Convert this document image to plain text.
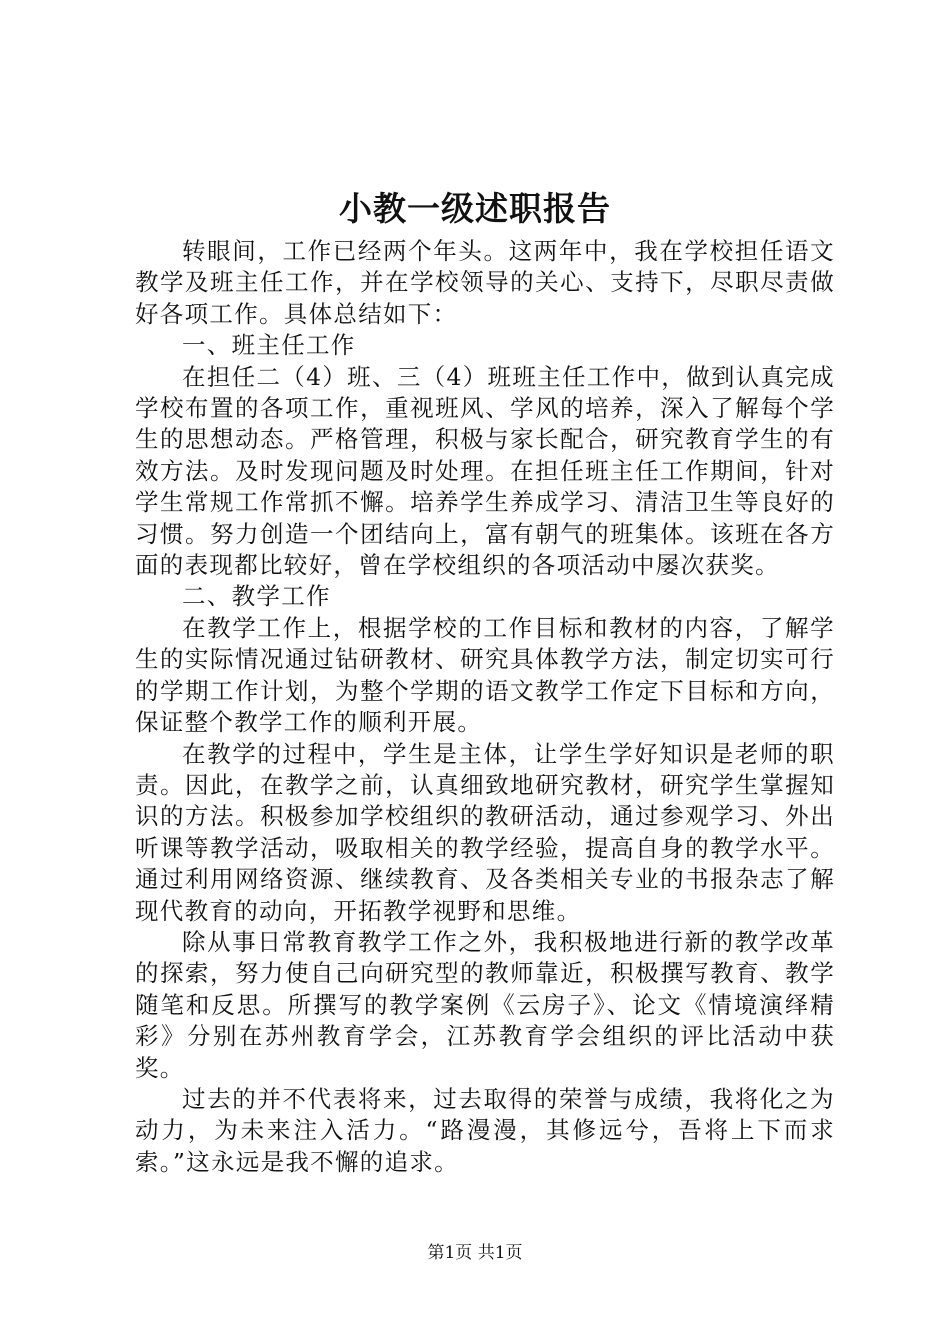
小教一级述职报告

转眼间，工作已经两个年头。这两年中，我在学校担任语文教学及班主任工作，并在学校领导的关心、支持下，尽职尽责做好各项工作。具体总结如下：

一、班主任工作

在担任二（4）班、三（4）班班主任工作中，做到认真完成学校布置的各项工作，重视班风、学风的培养，深入了解每个学生的思想动态。严格管理，积极与家长配合，研究教育学生的有效方法。及时发现问题及时处理。在担任班主任工作期间，针对学生常规工作常抓不懈。培养学生养成学习、清洁卫生等良好的习惯。努力创造一个团结向上，富有朝气的班集体。该班在各方面的表现都比较好，曾在学校组织的各项活动中屡次获奖。

二、教学工作

在教学工作上，根据学校的工作目标和教材的内容，了解学生的实际情况通过钻研教材、研究具体教学方法，制定切实可行的学期工作计划，为整个学期的语文教学工作定下目标和方向，保证整个教学工作的顺利开展。

在教学的过程中，学生是主体，让学生学好知识是老师的职责。因此，在教学之前，认真细致地研究教材，研究学生掌握知识的方法。积极参加学校组织的教研活动，通过参观学习、外出听课等教学活动，吸取相关的教学经验，提高自身的教学水平。通过利用网络资源、继续教育、及各类相关专业的书报杂志了解现代教育的动向，开拓教学视野和思维。

除从事日常教育教学工作之外，我积极地进行新的教学改革的探索，努力使自己向研究型的教师靠近，积极撰写教育、教学随笔和反思。所撰写的教学案例《云房子》、论文《情境演绎精彩》分别在苏州教育学会，江苏教育学会组织的评比活动中获奖。

过去的并不代表将来，过去取得的荣誉与成绩，我将化之为动力，为未来注入活力。“路漫漫，其修远兮，吾将上下而求索。”这永远是我不懈的追求。

第1页 共1页
